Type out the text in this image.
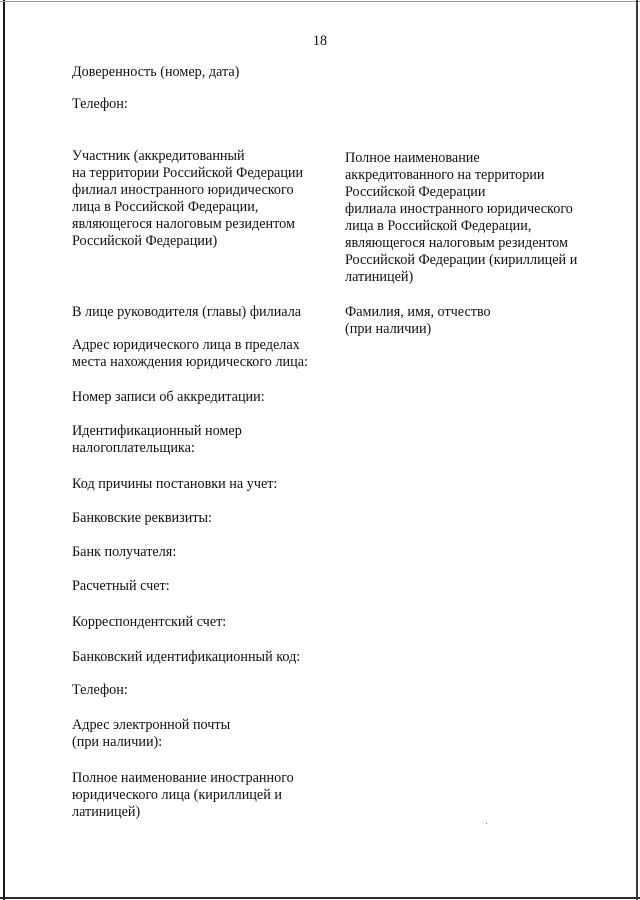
18

Доверенность (номер, дата)

Телефон:

Участник (аккредитованный

на территории Российской Федерации

филиал иностранного юридического

лица в Российской Федерации,

являющегося налоговым резидентом

Российской Федерации)

Полное наименование

аккредитованного на территории

Российской Федерации

филиала иностранного юридического

лица в Российской Федерации,

являющегося налоговым резидентом

Российской Федерации (кириллицей и

латиницей)

В лице руководителя (главы) филиала	Фамилия, имя, отчество

(при наличии)

Адрес юридического лица в пределах

места нахождения юридического лица:

Номер записи об аккредитации:

Идентификационный номер

налогоплательщика:

Код причины постановки на учет:

Банковские реквизиты:

Банк получателя:

Расчетный счет:

Корреспондентский счет:

Банковский идентификационный код:

Телефон:

Адрес электронной почты

(при наличии):

Полное наименование иностранного

юридического лица (кириллицей и

латиницей)
